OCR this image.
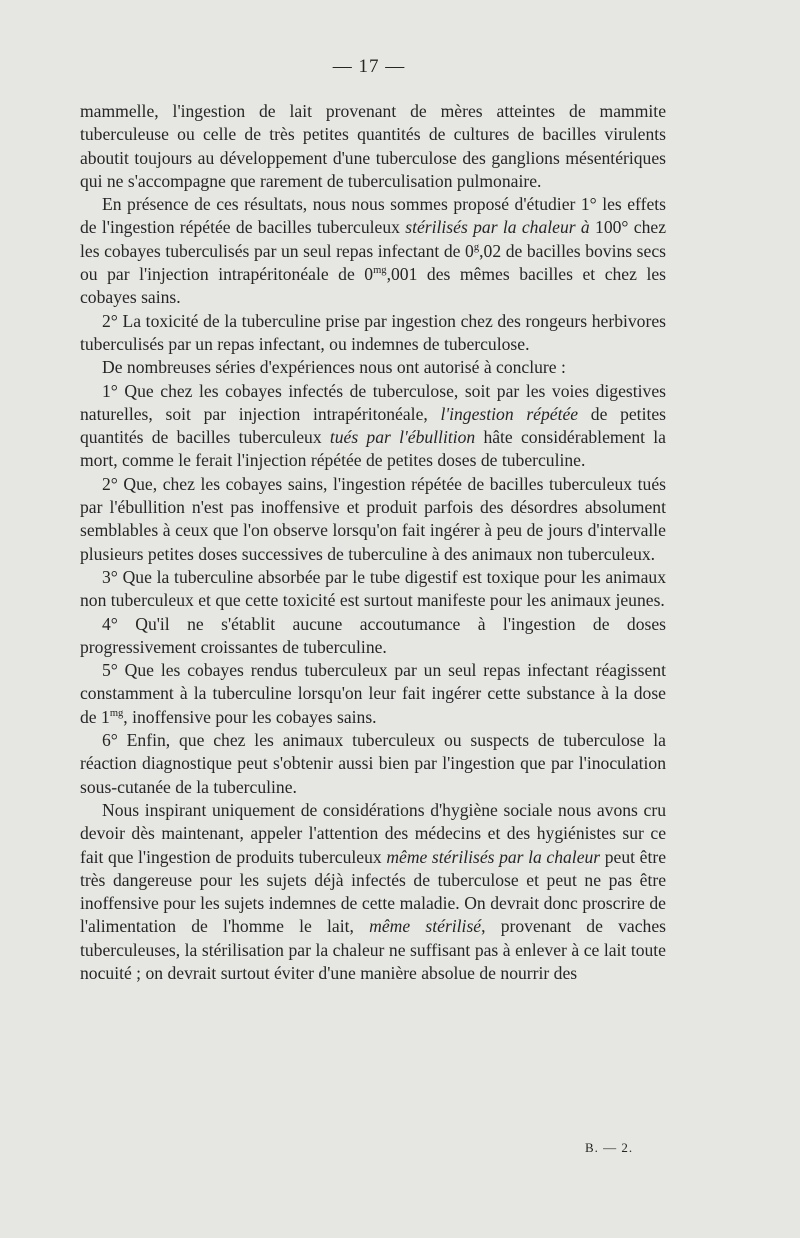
— 17 —

mammelle, l'ingestion de lait provenant de mères atteintes de mammite tuberculeuse ou celle de très petites quantités de cultures de bacilles virulents aboutit toujours au développement d'une tuberculose des ganglions mésentériques qui ne s'accompagne que rarement de tuberculisation pulmonaire.

En présence de ces résultats, nous nous sommes proposé d'étudier 1° les effets de l'ingestion répétée de bacilles tuberculeux stérilisés par la chaleur à 100° chez les cobayes tuberculisés par un seul repas infectant de 0$^g$,02 de bacilles bovins secs ou par l'injection intrapéritonéale de $0^{mg},001$ des mêmes bacilles et chez les cobayes sains.

2° La toxicité de la tuberculine prise par ingestion chez des rongeurs herbivores tuberculisés par un repas infectant, ou indemnes de tuberculose.

De nombreuses séries d'expériences nous ont autorisé à conclure :

1° Que chez les cobayes infectés de tuberculose, soit par les voies digestives naturelles, soit par injection intrapéritonéale, l'ingestion répétée de petites quantités de bacilles tuberculeux tués par l'ébullition hâte considérablement la mort, comme le ferait l'injection répétée de petites doses de tuberculine.

2° Que, chez les cobayes sains, l'ingestion répétée de bacilles tuberculeux tués par l'ébullition n'est pas inoffensive et produit parfois des désordres absolument semblables à ceux que l'on observe lorsqu'on fait ingérer à peu de jours d'intervalle plusieurs petites doses successives de tuberculine à des animaux non tuberculeux.

3° Que la tuberculine absorbée par le tube digestif est toxique pour les animaux non tuberculeux et que cette toxicité est surtout manifeste pour les animaux jeunes.

4° Qu'il ne s'établit aucune accoutumance à l'ingestion de doses progressivement croissantes de tuberculine.

5° Que les cobayes rendus tuberculeux par un seul repas infectant réagissent constamment à la tuberculine lorsqu'on leur fait ingérer cette substance à la dose de $1^{mg}$, inoffensive pour les cobayes sains.

6° Enfin, que chez les animaux tuberculeux ou suspects de tuberculose la réaction diagnostique peut s'obtenir aussi bien par l'ingestion que par l'inoculation sous-cutanée de la tuberculine.

Nous inspirant uniquement de considérations d'hygiène sociale nous avons cru devoir dès maintenant, appeler l'attention des médecins et des hygiénistes sur ce fait que l'ingestion de produits tuberculeux même stérilisés par la chaleur peut être très dangereuse pour les sujets déjà infectés de tuberculose et peut ne pas être inoffensive pour les sujets indemnes de cette maladie. On devrait donc proscrire de l'alimentation de l'homme le lait, même stérilisé, provenant de vaches tuberculeuses, la stérilisation par la chaleur ne suffisant pas à enlever à ce lait toute nocuité ; on devrait surtout éviter d'une manière absolue de nourrir des

B. — 2.
